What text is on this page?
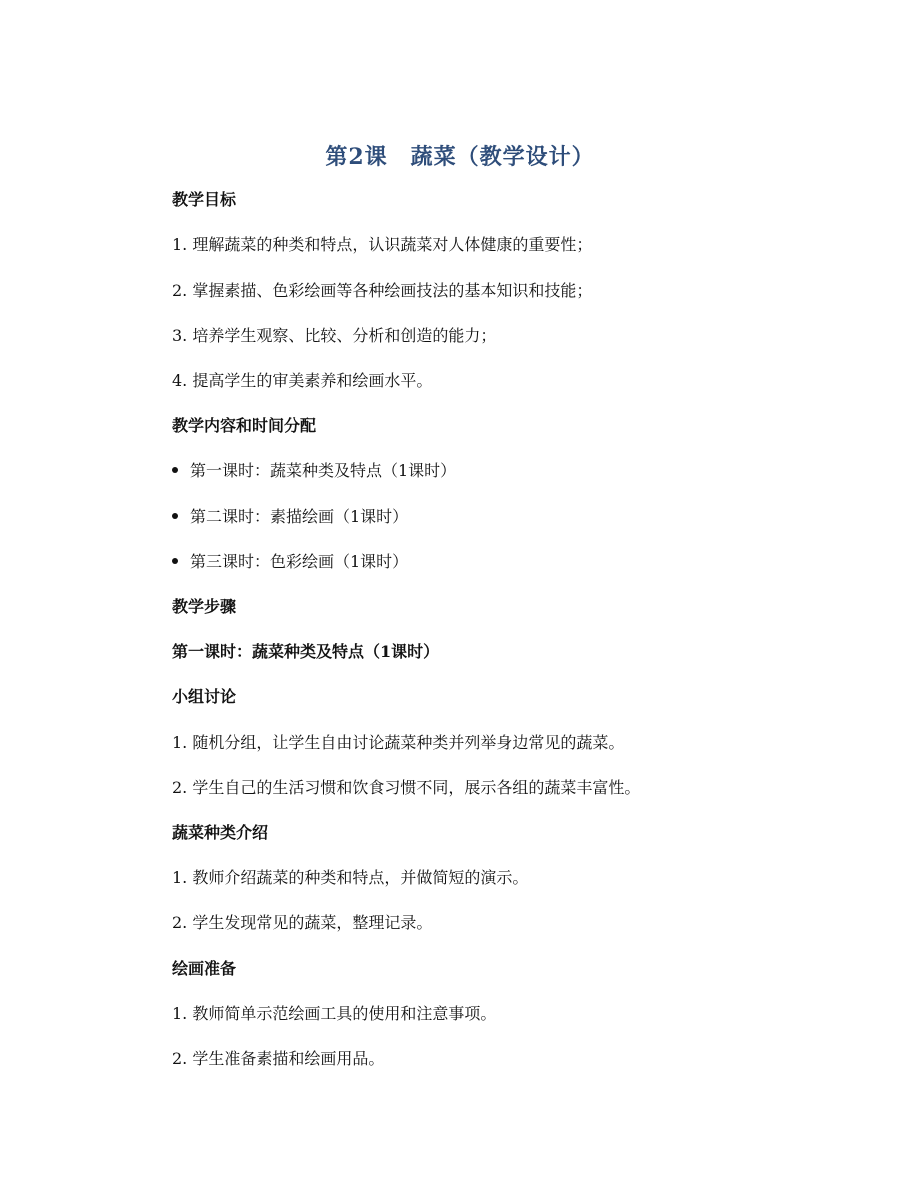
第2课　蔬菜（教学设计）
教学目标
1. 理解蔬菜的种类和特点，认识蔬菜对人体健康的重要性；
2. 掌握素描、色彩绘画等各种绘画技法的基本知识和技能；
3. 培养学生观察、比较、分析和创造的能力；
4. 提高学生的审美素养和绘画水平。
教学内容和时间分配
第一课时：蔬菜种类及特点（1课时）
第二课时：素描绘画（1课时）
第三课时：色彩绘画（1课时）
教学步骤
第一课时：蔬菜种类及特点（1课时）
小组讨论
1. 随机分组，让学生自由讨论蔬菜种类并列举身边常见的蔬菜。
2. 学生自己的生活习惯和饮食习惯不同，展示各组的蔬菜丰富性。
蔬菜种类介绍
1. 教师介绍蔬菜的种类和特点，并做简短的演示。
2. 学生发现常见的蔬菜，整理记录。
绘画准备
1. 教师简单示范绘画工具的使用和注意事项。
2. 学生准备素描和绘画用品。
